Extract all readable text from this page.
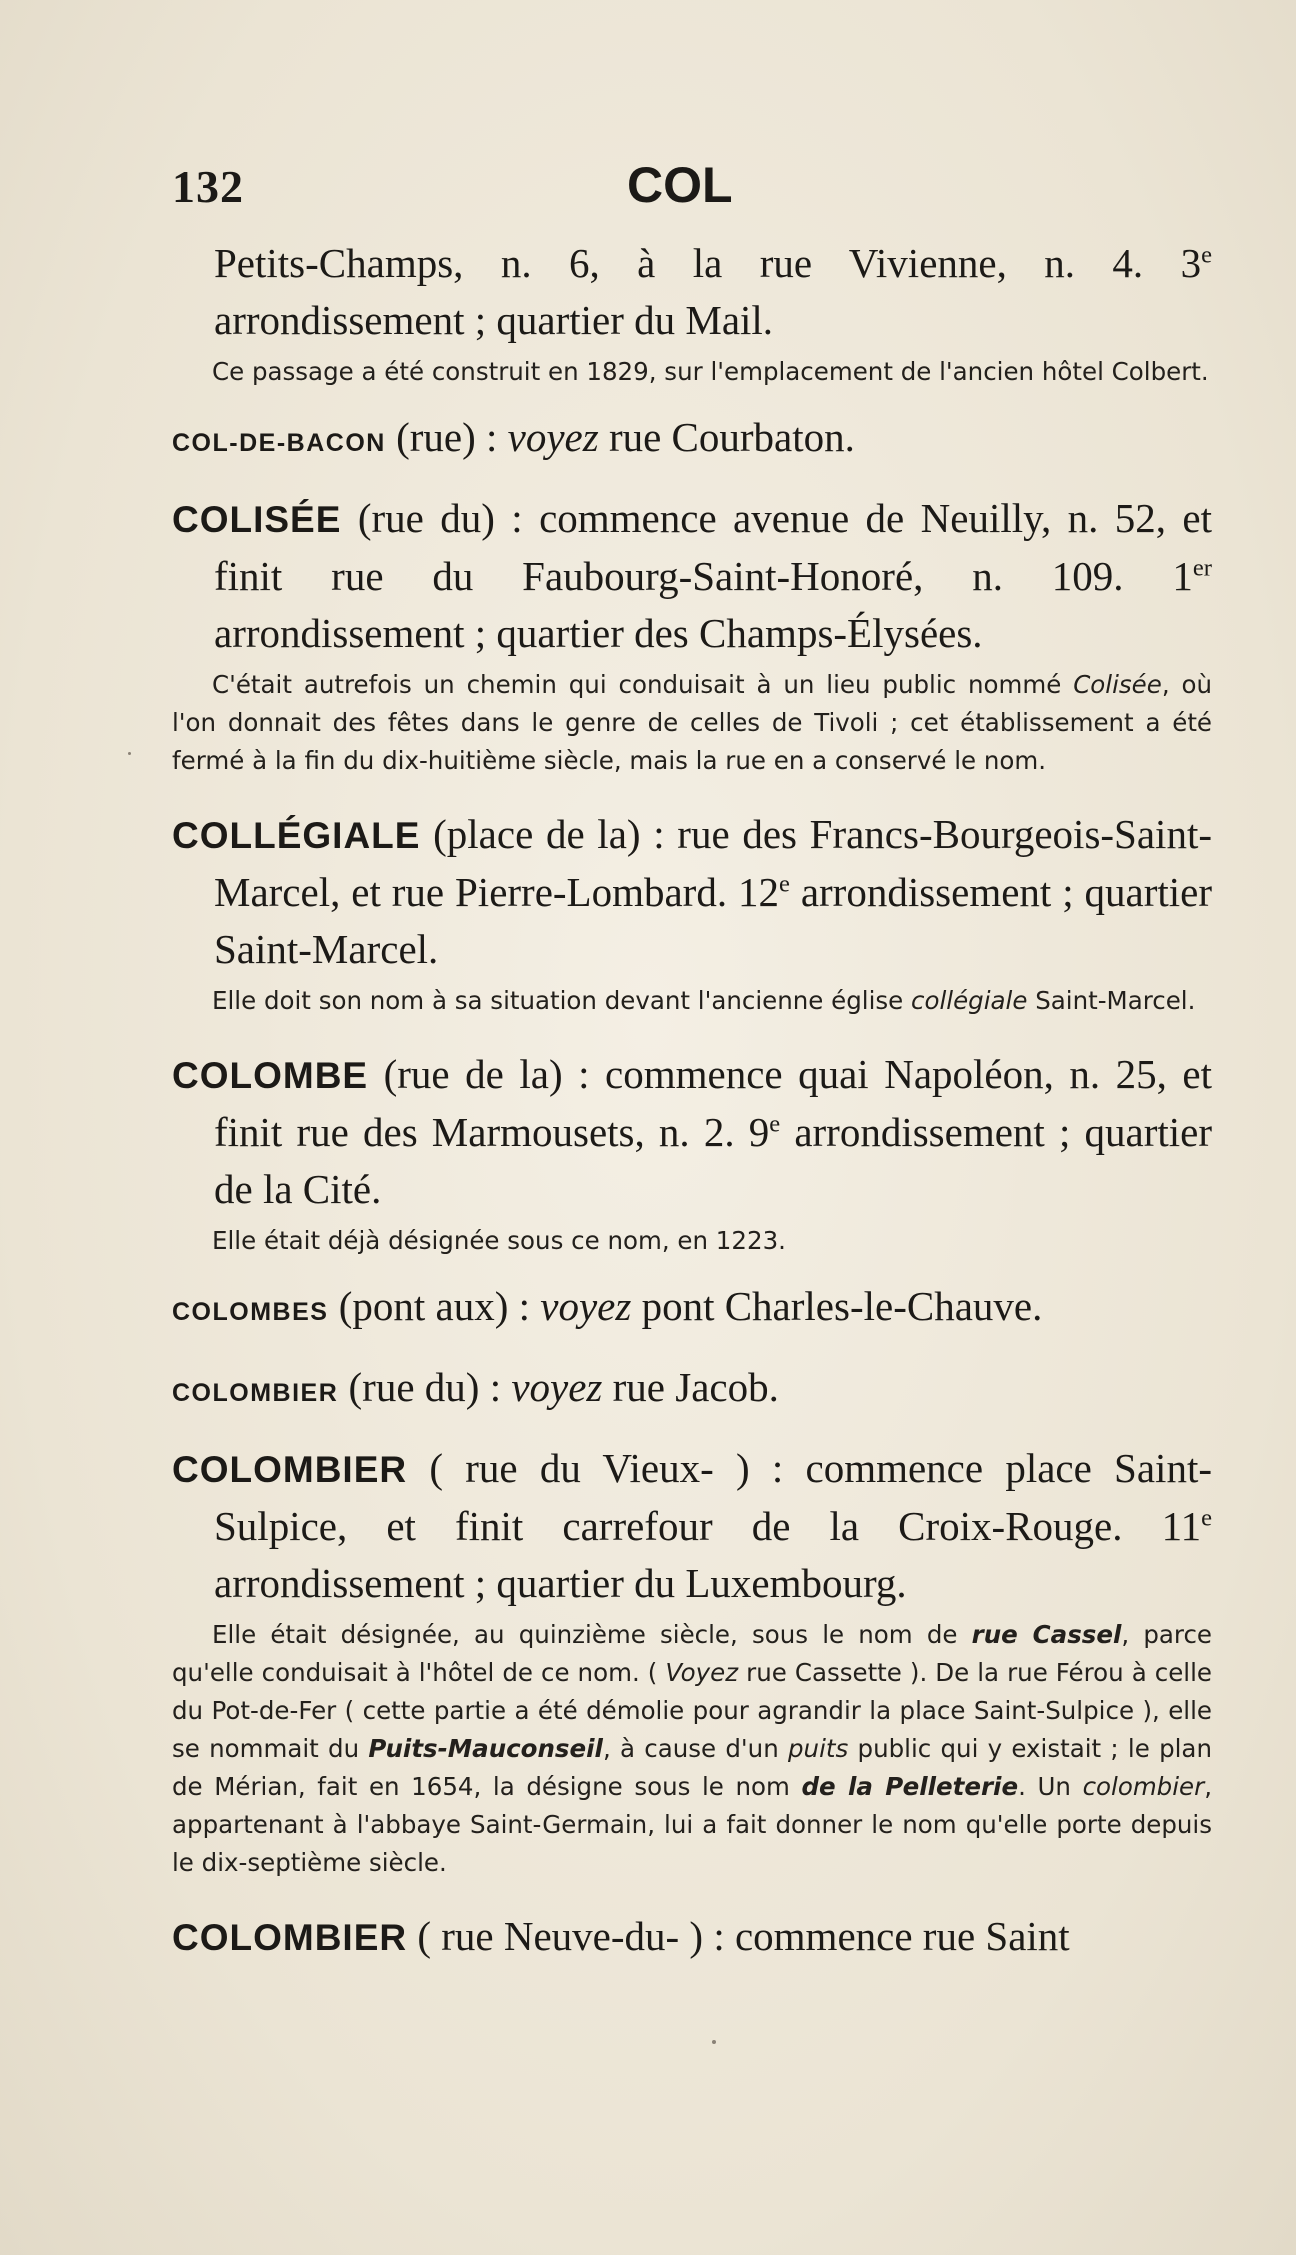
132	COL

Petits-Champs, n. 6, à la rue Vivienne, n. 4. 3e arrondissement ; quartier du Mail.

Ce passage a été construit en 1829, sur l'emplacement de l'ancien hôtel Colbert.

COL-DE-BACON (rue) : voyez rue Courbaton.

COLISÉE (rue du) : commence avenue de Neuilly, n. 52, et finit rue du Faubourg-Saint-Honoré, n. 109. 1er arrondissement ; quartier des Champs-Élysées.

C'était autrefois un chemin qui conduisait à un lieu public nommé Colisée, où l'on donnait des fêtes dans le genre de celles de Tivoli ; cet établissement a été fermé à la fin du dix-huitième siècle, mais la rue en a conservé le nom.

COLLÉGIALE (place de la) : rue des Francs-Bourgeois-Saint-Marcel, et rue Pierre-Lombard. 12e arrondissement ; quartier Saint-Marcel.

Elle doit son nom à sa situation devant l'ancienne église collégiale Saint-Marcel.

COLOMBE (rue de la) : commence quai Napoléon, n. 25, et finit rue des Marmousets, n. 2. 9e arrondissement ; quartier de la Cité.

Elle était déjà désignée sous ce nom, en 1223.

COLOMBES (pont aux) : voyez pont Charles-le-Chauve.

COLOMBIER (rue du) : voyez rue Jacob.

COLOMBIER ( rue du Vieux- ) : commence place Saint-Sulpice, et finit carrefour de la Croix-Rouge. 11e arrondissement ; quartier du Luxembourg.

Elle était désignée, au quinzième siècle, sous le nom de rue Cassel, parce qu'elle conduisait à l'hôtel de ce nom. ( Voyez rue Cassette ). De la rue Férou à celle du Pot-de-Fer ( cette partie a été démolie pour agrandir la place Saint-Sulpice ), elle se nommait du Puits-Mauconseil, à cause d'un puits public qui y existait ; le plan de Mérian, fait en 1654, la désigne sous le nom de la Pelleterie. Un colombier, appartenant à l'abbaye Saint-Germain, lui a fait donner le nom qu'elle porte depuis le dix-septième siècle.

COLOMBIER ( rue Neuve-du- ) : commence rue Saint
